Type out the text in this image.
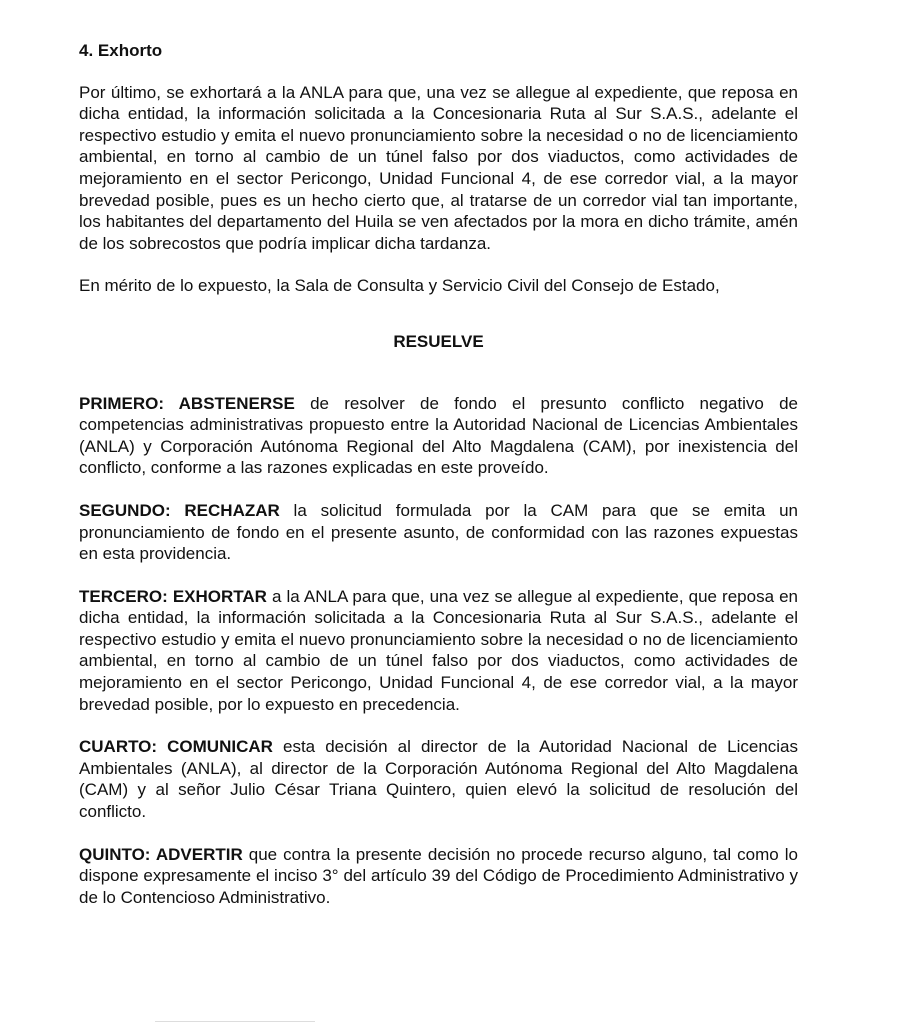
4. Exhorto

Por último, se exhortará a la ANLA para que, una vez se allegue al expediente, que reposa en dicha entidad, la información solicitada a la Concesionaria Ruta al Sur S.A.S., adelante el respectivo estudio y emita el nuevo pronunciamiento sobre la necesidad o no de licenciamiento ambiental, en torno al cambio de un túnel falso por dos viaductos, como actividades de mejoramiento en el sector Pericongo, Unidad Funcional 4, de ese corredor vial, a la mayor brevedad posible, pues es un hecho cierto que, al tratarse de un corredor vial tan importante, los habitantes del departamento del Huila se ven afectados por la mora en dicho trámite, amén de los sobrecostos que podría implicar dicha tardanza.

En mérito de lo expuesto, la Sala de Consulta y Servicio Civil del Consejo de Estado,

RESUELVE

PRIMERO: ABSTENERSE de resolver de fondo el presunto conflicto negativo de competencias administrativas propuesto entre la Autoridad Nacional de Licencias Ambientales (ANLA) y Corporación Autónoma Regional del Alto Magdalena (CAM), por inexistencia del conflicto, conforme a las razones explicadas en este proveído.

SEGUNDO: RECHAZAR la solicitud formulada por la CAM para que se emita un pronunciamiento de fondo en el presente asunto, de conformidad con las razones expuestas en esta providencia.

TERCERO: EXHORTAR a la ANLA para que, una vez se allegue al expediente, que reposa en dicha entidad, la información solicitada a la Concesionaria Ruta al Sur S.A.S., adelante el respectivo estudio y emita el nuevo pronunciamiento sobre la necesidad o no de licenciamiento ambiental, en torno al cambio de un túnel falso por dos viaductos, como actividades de mejoramiento en el sector Pericongo, Unidad Funcional 4, de ese corredor vial, a la mayor brevedad posible, por lo expuesto en precedencia.

CUARTO: COMUNICAR esta decisión al director de la Autoridad Nacional de Licencias Ambientales (ANLA), al director de la Corporación Autónoma Regional del Alto Magdalena (CAM) y al señor Julio César Triana Quintero, quien elevó la solicitud de resolución del conflicto.

QUINTO: ADVERTIR que contra la presente decisión no procede recurso alguno, tal como lo dispone expresamente el inciso 3° del artículo 39 del Código de Procedimiento Administrativo y de lo Contencioso Administrativo.
